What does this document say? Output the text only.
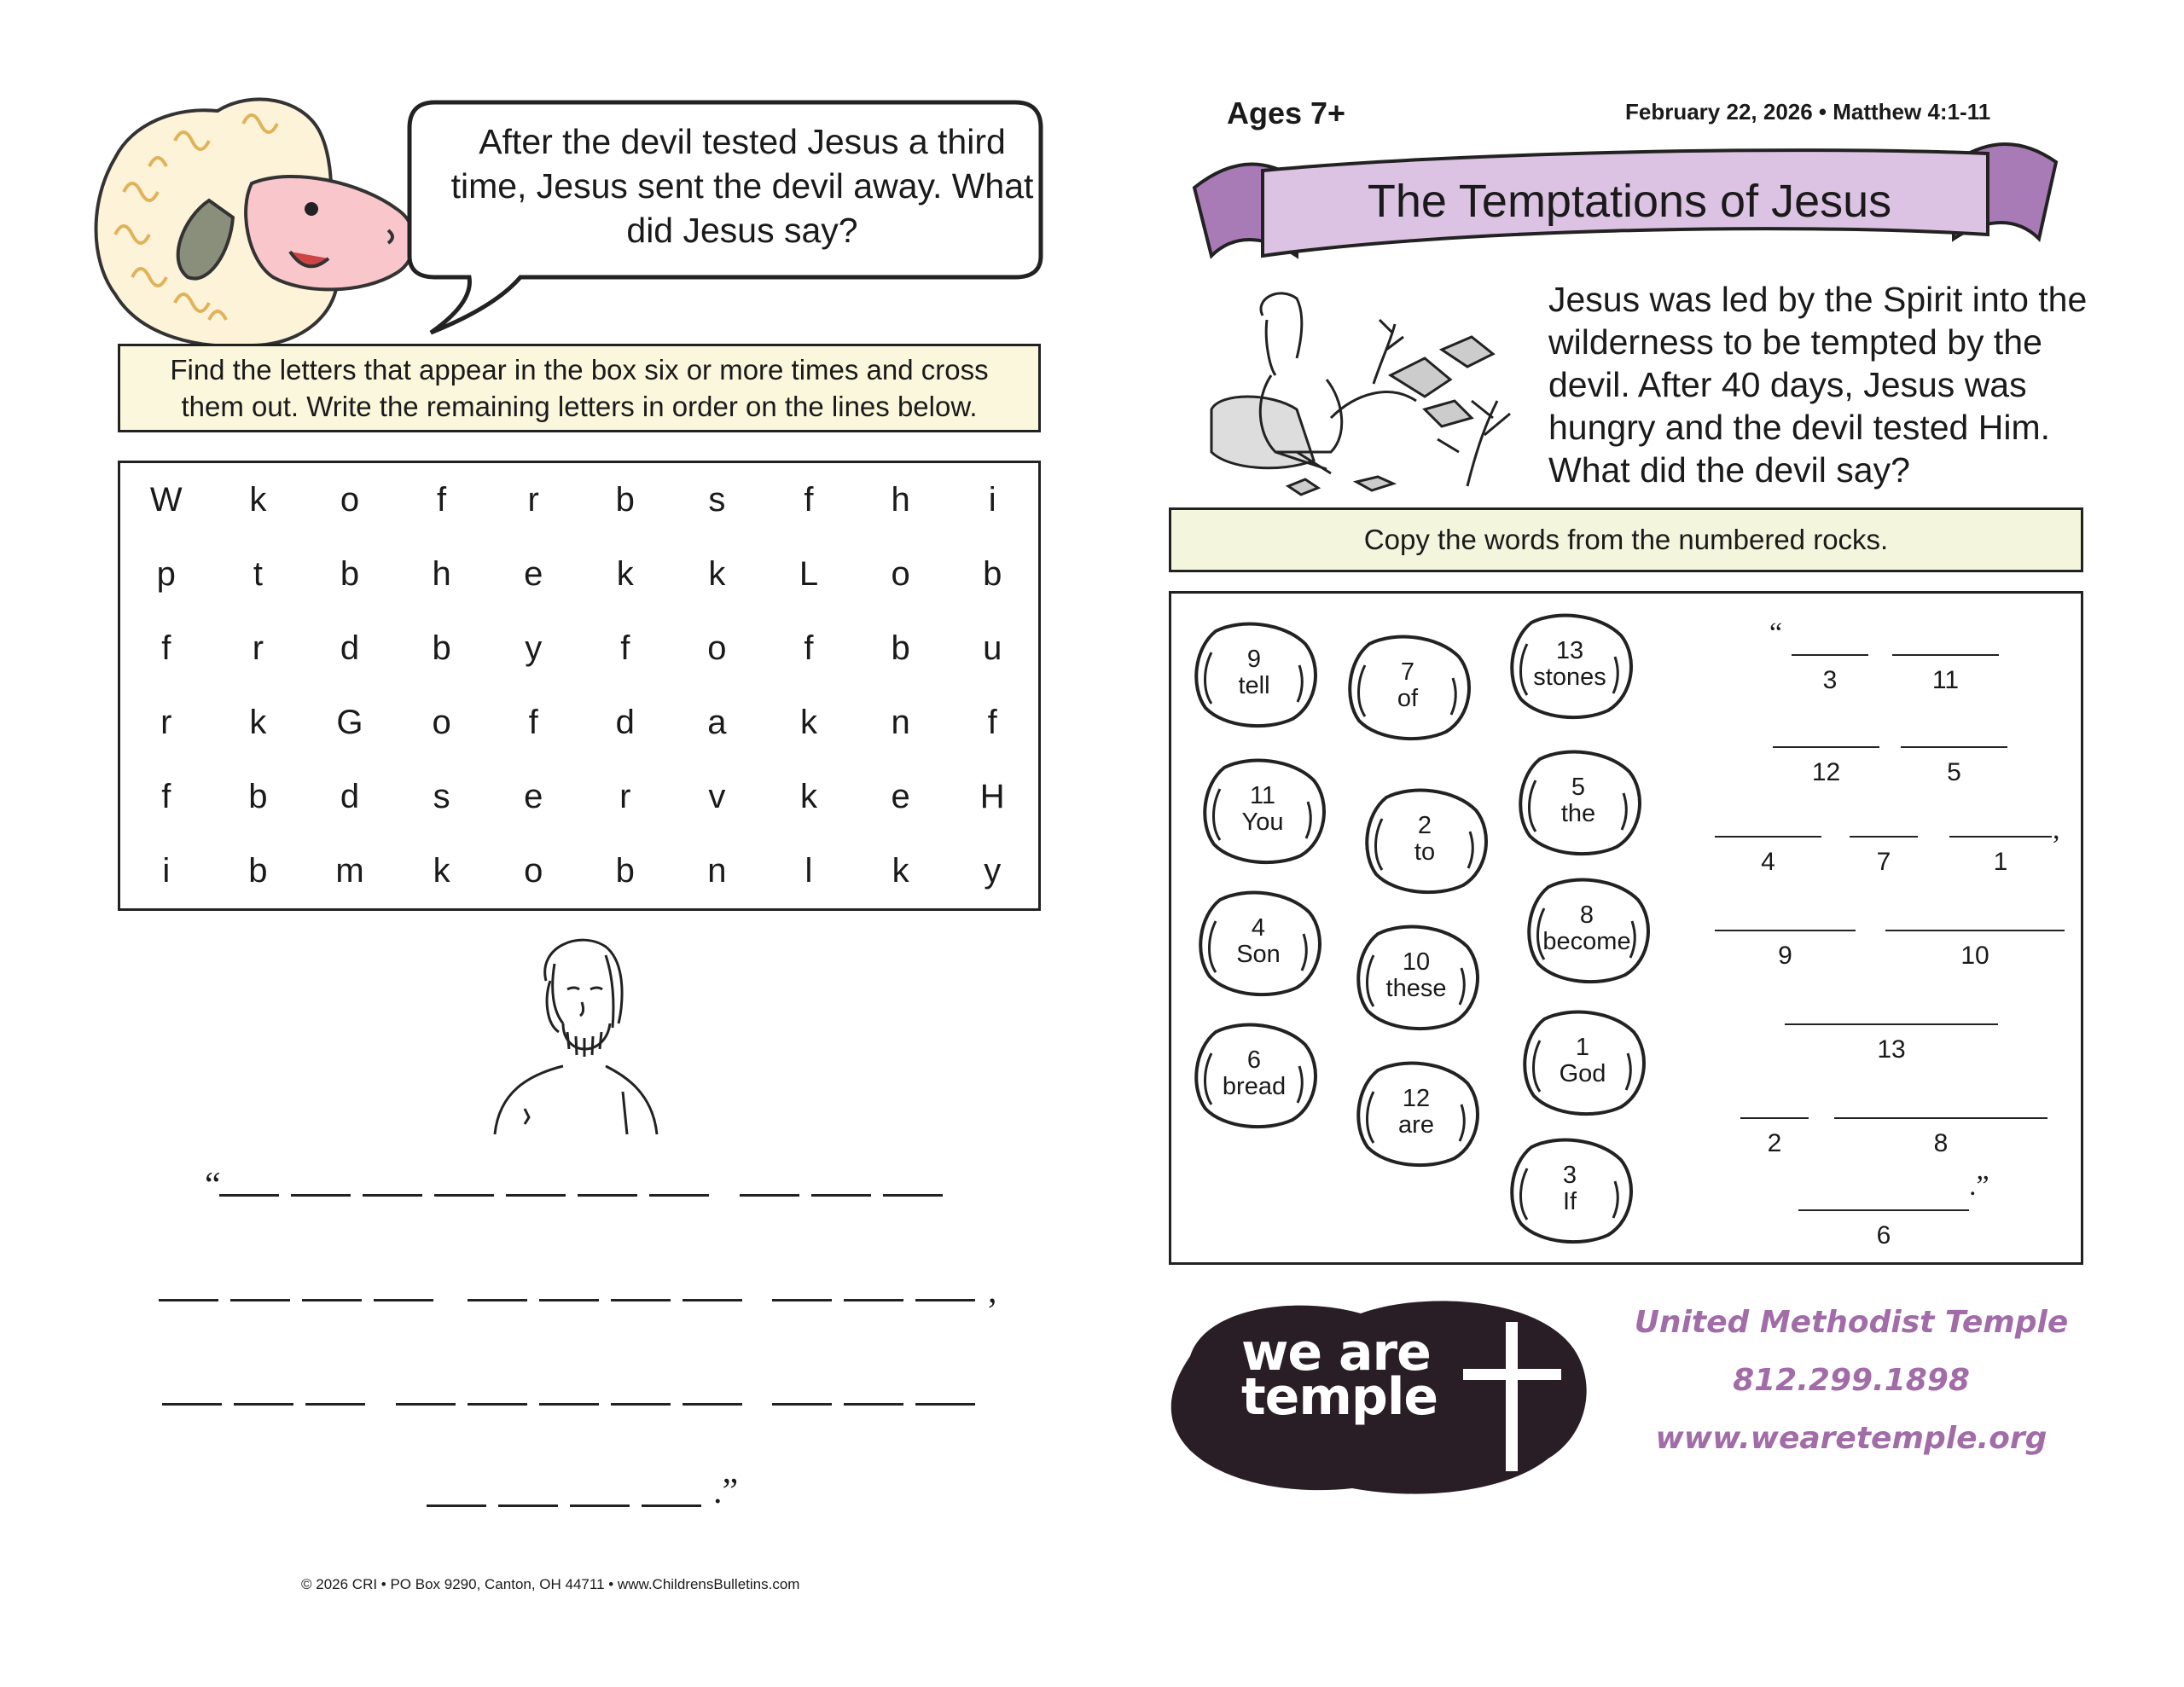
After the devil tested Jesus a third time, Jesus sent the devil away. What did Jesus say?
Find the letters that appear in the box six or more times and cross them out. Write the remaining letters in order on the lines below.
W	k	o	f	r	b	s	f	h	i
p	t	b	h	e	k	k	L	o	b
f	r	d	b	y	f	o	f	b	u
r	k	G	o	f	d	a	k	n	f
f	b	d	s	e	r	v	k	e	H
i	b	m	k	o	b	n	l	k	y
“
,
.”
© 2026 CRI • PO Box 9290, Canton, OH 44711 • www.ChildrensBulletins.com
Ages 7+	February 22, 2026 • Matthew 4:1-11
The Temptations of Jesus
Jesus was led by the Spirit into the wilderness to be tempted by the devil. After 40 days, Jesus was hungry and the devil tested Him. What did the devil say?
Copy the words from the numbered rocks.
9
tell	7
of
13
stones
11
You	2
to
5
the
4
Son	10
these
8
become
6
bread	12
are
1
God
3
If
3	11
12	5
4	7	1
9	10
13
2	8
6
“
,
.”
we are
temple
United Methodist Temple
812.299.1898
www.wearetemple.org
